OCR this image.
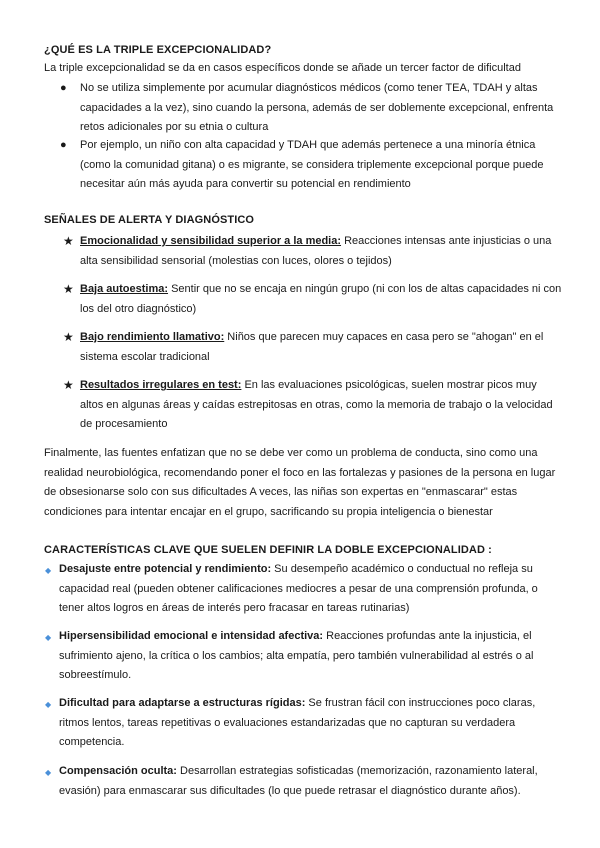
¿QUÉ ES LA TRIPLE EXCEPCIONALIDAD?

La triple excepcionalidad se da en casos específicos donde se añade un tercer factor de dificultad

● No se utiliza simplemente por acumular diagnósticos médicos (como tener TEA, TDAH y altas capacidades a la vez), sino cuando la persona, además de ser doblemente excepcional, enfrenta retos adicionales por su etnia o cultura
● Por ejemplo, un niño con alta capacidad y TDAH que además pertenece a una minoría étnica (como la comunidad gitana) o es migrante, se considera triplemente excepcional porque puede necesitar aún más ayuda para convertir su potencial en rendimiento
SEÑALES DE ALERTA Y DIAGNÓSTICO
★ Emocionalidad y sensibilidad superior a la media: Reacciones intensas ante injusticias o una alta sensibilidad sensorial (molestias con luces, olores o tejidos)
★ Baja autoestima: Sentir que no se encaja en ningún grupo (ni con los de altas capacidades ni con los del otro diagnóstico)
★ Bajo rendimiento llamativo: Niños que parecen muy capaces en casa pero se "ahogan" en el sistema escolar tradicional
★ Resultados irregulares en test: En las evaluaciones psicológicas, suelen mostrar picos muy altos en algunas áreas y caídas estrepitosas en otras, como la memoria de trabajo o la velocidad de procesamiento

Finalmente, las fuentes enfatizan que no se debe ver como un problema de conducta, sino como una realidad neurobiológica, recomendando poner el foco en las fortalezas y pasiones de la persona en lugar de obsesionarse solo con sus dificultades A veces, las niñas son expertas en "enmascarar" estas condiciones para intentar encajar en el grupo, sacrificando su propia inteligencia o bienestar

CARACTERÍSTICAS CLAVE QUE SUELEN DEFINIR LA DOBLE EXCEPCIONALIDAD :
◆ Desajuste entre potencial y rendimiento: Su desempeño académico o conductual no refleja su capacidad real (pueden obtener calificaciones mediocres a pesar de una comprensión profunda, o tener altos logros en áreas de interés pero fracasar en tareas rutinarias)
◆ Hipersensibilidad emocional e intensidad afectiva: Reacciones profundas ante la injusticia, el sufrimiento ajeno, la crítica o los cambios; alta empatía, pero también vulnerabilidad al estrés o al sobreestímulo.
◆ Dificultad para adaptarse a estructuras rígidas: Se frustran fácil con instrucciones poco claras, ritmos lentos, tareas repetitivas o evaluaciones estandarizadas que no capturan su verdadera competencia.
◆ Compensación oculta: Desarrollan estrategias sofisticadas (memorización, razonamiento lateral, evasión) para enmascarar sus dificultades (lo que puede retrasar el diagnóstico durante años).
